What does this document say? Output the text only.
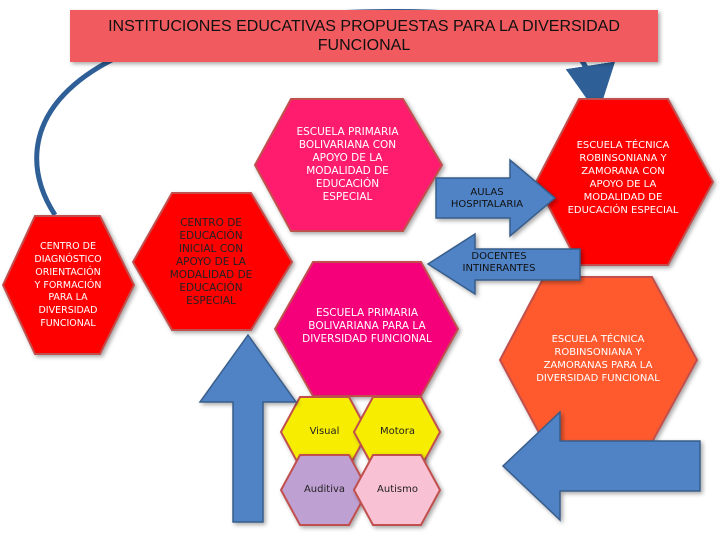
INSTITUCIONES EDUCATIVAS PROPUESTAS PARA LA DIVERSIDAD FUNCIONAL
CENTRO DE DIAGNÓSTICO ORIENTACIÓN Y FORMACIÓN PARA LA DIVERSIDAD FUNCIONAL
CENTRO DE EDUCACIÓN INICIAL CON APOYO DE LA MODALIDAD DE EDUCACIÓN ESPECIAL
ESCUELA PRIMARIA BOLIVARIANA CON APOYO DE LA MODALIDAD DE EDUCACIÓN ESPECIAL
ESCUELA PRIMARIA BOLIVARIANA PARA LA DIVERSIDAD FUNCIONAL
AULAS HOSPITALARIA
DOCENTES INTINERANTES
ESCUELA TÉCNICA ROBINSONIANA Y ZAMORANA CON APOYO DE LA MODALIDAD DE EDUCACIÓN ESPECIAL
ESCUELA TÉCNICA ROBINSONIANA Y ZAMORANAS PARA LA DIVERSIDAD FUNCIONAL
Visual	Motora
Auditiva	Autismo
